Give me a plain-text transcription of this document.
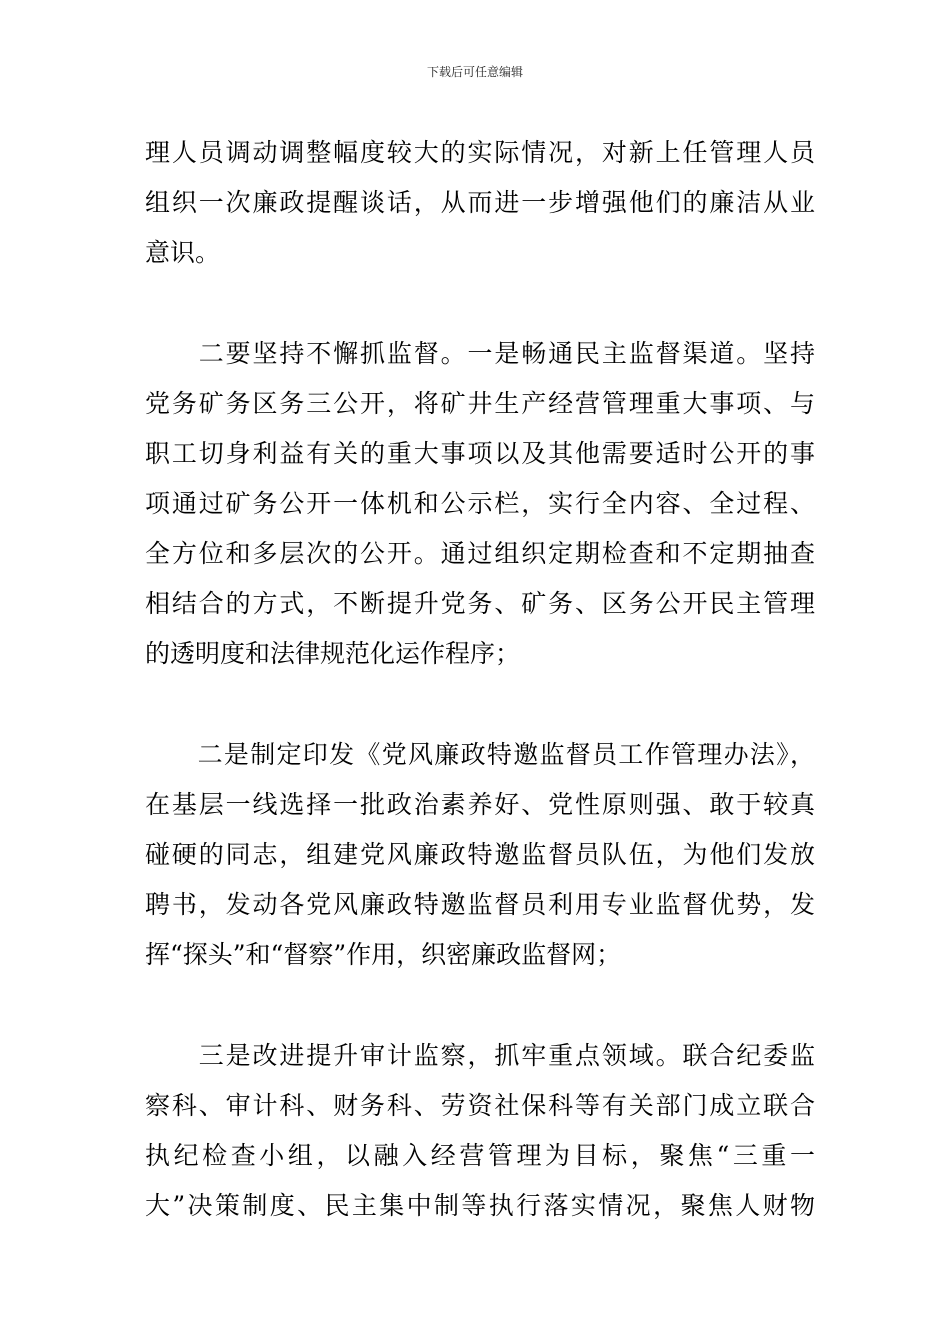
下载后可任意编辑
理人员调动调整幅度较大的实际情况，对新上任管理人员
组织一次廉政提醒谈话，从而进一步增强他们的廉洁从业
意识。
　　二要坚持不懈抓监督。一是畅通民主监督渠道。坚持
党务矿务区务三公开，将矿井生产经营管理重大事项、与
职工切身利益有关的重大事项以及其他需要适时公开的事
项通过矿务公开一体机和公示栏，实行全内容、全过程、
全方位和多层次的公开。通过组织定期检查和不定期抽查
相结合的方式，不断提升党务、矿务、区务公开民主管理
的透明度和法律规范化运作程序；
　　二是制定印发《党风廉政特邀监督员工作管理办法》，
在基层一线选择一批政治素养好、党性原则强、敢于较真
碰硬的同志，组建党风廉政特邀监督员队伍，为他们发放
聘书，发动各党风廉政特邀监督员利用专业监督优势，发
挥“探头”和“督察”作用，织密廉政监督网；
　　三是改进提升审计监察，抓牢重点领域。联合纪委监
察科、审计科、财务科、劳资社保科等有关部门成立联合
执纪检查小组，以融入经营管理为目标，聚焦“三重一
大”决策制度、民主集中制等执行落实情况，聚焦人财物
